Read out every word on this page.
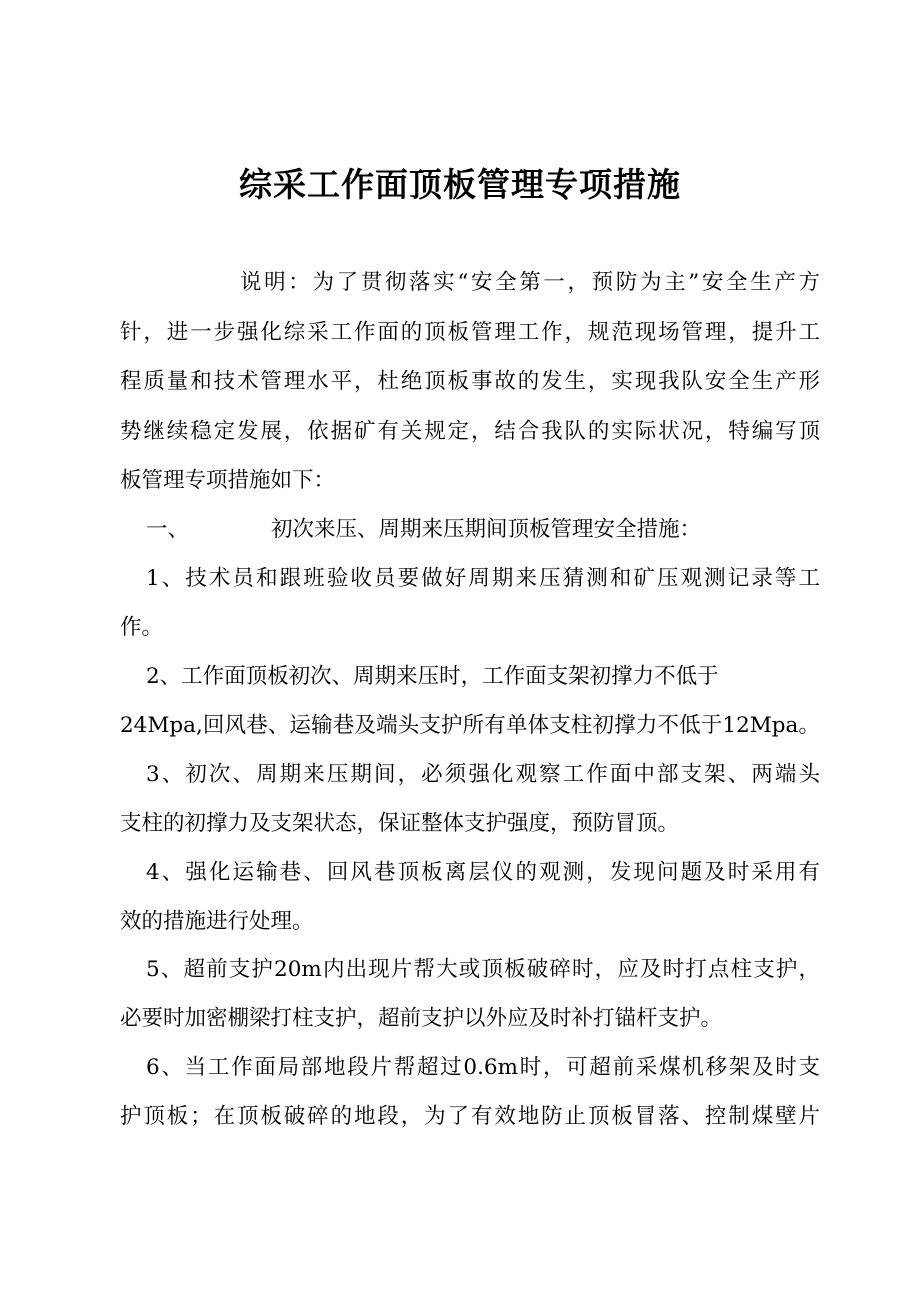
综采工作面顶板管理专项措施
说明：为了贯彻落实“安全第一，预防为主”安全生产方
针，进一步强化综采工作面的顶板管理工作，规范现场管理，提升工
程质量和技术管理水平，杜绝顶板事故的发生，实现我队安全生产形
势继续稳定发展，依据矿有关规定，结合我队的实际状况，特编写顶
板管理专项措施如下：
一、            初次来压、周期来压期间顶板管理安全措施：
1、技术员和跟班验收员要做好周期来压猜测和矿压观测记录等工
作。
2、工作面顶板初次、周期来压时，工作面支架初撑力不低于
24Mpa,回风巷、运输巷及端头支护所有单体支柱初撑力不低于12Mpa。
3、初次、周期来压期间，必须强化观察工作面中部支架、两端头
支柱的初撑力及支架状态，保证整体支护强度，预防冒顶。
4、强化运输巷、回风巷顶板离层仪的观测，发现问题及时采用有
效的措施进行处理。
5、超前支护20m内出现片帮大或顶板破碎时，应及时打点柱支护，
必要时加密棚梁打柱支护，超前支护以外应及时补打锚杆支护。
6、当工作面局部地段片帮超过0.6m时，可超前采煤机移架及时支
护顶板；在顶板破碎的地段，为了有效地防止顶板冒落、控制煤壁片
